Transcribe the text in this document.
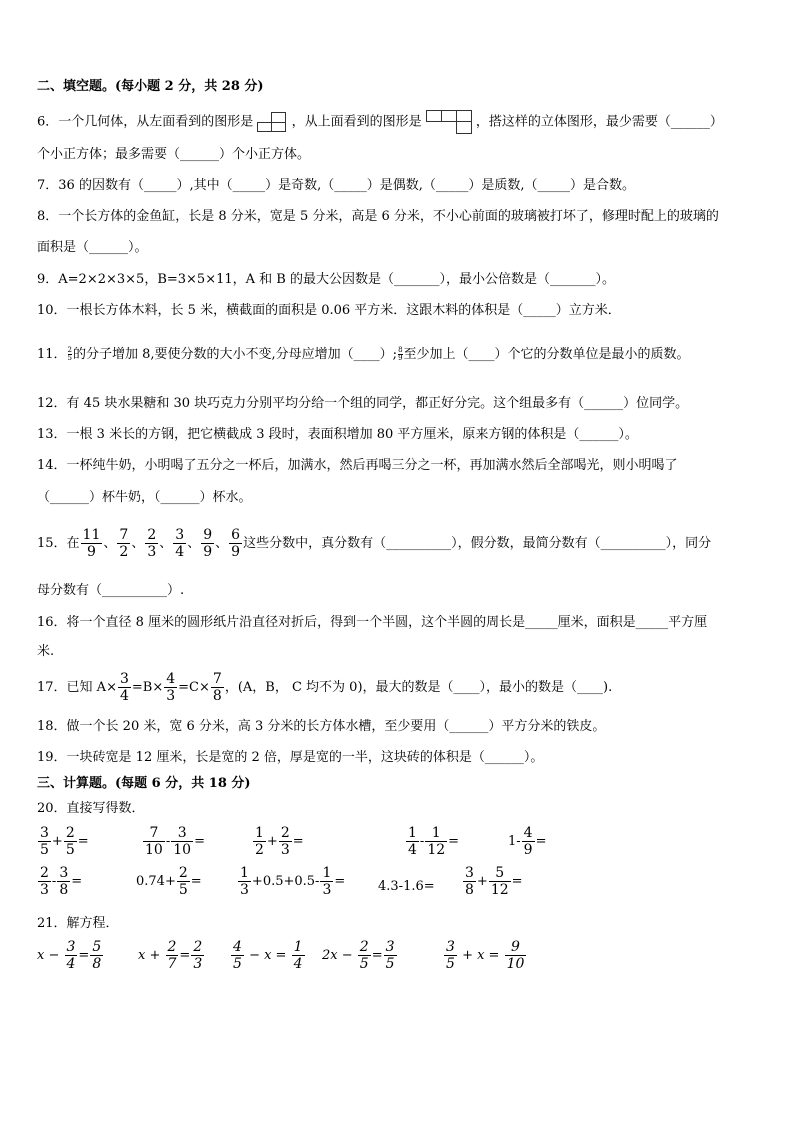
二、填空题。(每小题 2 分，共 28 分)
6．一个几何体，从左面看到的图形是	，从上面看到的图形是	，搭这样的立体图形，最少需要（______）
个小正方体；最多需要（______）个小正方体。
7．36 的因数有（_____）,其中（_____）是奇数,（_____）是偶数,（_____）是质数,（_____）是合数。
8．一个长方体的金鱼缸，长是 8 分米，宽是 5 分米，高是 6 分米，不小心前面的玻璃被打坏了，修理时配上的玻璃的
面积是（______）。
9．A=2×2×3×5，B=3×5×11，A 和 B 的最大公因数是（_______），最小公倍数是（_______）。
10．一根长方体木料，长 5 米，横截面的面积是 0.06 平方米．这跟木料的体积是（_____）立方米．
11． $\frac{2}{5}$ 的分子增加 8,要使分数的大小不变,分母应增加（____）; $\frac{8}{9}$ 至少加上（____）个它的分数单位是最小的质数。
12．有 45 块水果糖和 30 块巧克力分别平均分给一个组的同学，都正好分完。这个组最多有（______）位同学。
13．一根 3 米长的方钢，把它横截成 3 段时，表面积增加 80 平方厘米，原来方钢的体积是（______）。
14．一杯纯牛奶，小明喝了五分之一杯后，加满水，然后再喝三分之一杯，再加满水然后全部喝光，则小明喝了
（______）杯牛奶，（______）杯水。
15．在 $\frac{11}{9}$ 、 $\frac{7}{2}$ 、 $\frac{2}{3}$ 、 $\frac{3}{4}$ 、 $\frac{9}{9}$ 、 $\frac{6}{9}$ 这些分数中，真分数有（__________），假分数，最简分数有（__________），同分
母分数有（__________）.
16．将一个直径 8 厘米的圆形纸片沿直径对折后，得到一个半圆，这个半圆的周长是_____厘米，面积是_____平方厘
米.
17．已知 $A\times \frac{3}{4} =B\times \frac{4}{3} =C\times \frac{7}{8}$ ，(A，B， C 均不为 0)，最大的数是（____），最小的数是（____).
18．做一个长 20 米，宽 6 分米，高 3 分米的长方体水槽，至少要用（______）平方分米的铁皮。
19．一块砖宽是 12 厘米，长是宽的 2 倍，厚是宽的一半，这块砖的体积是（______）。
三、计算题。(每题 6 分，共 18 分)
20．直接写得数．
$\frac{3}{5} + \frac{2}{5}$ =	$\frac{7}{10} - \frac{3}{10}$ =	$\frac{1}{2} + \frac{2}{3}$ =	$\frac{1}{4} - \frac{1}{12}$ =	$1- \frac{4}{9}$ =
$\frac{2}{3} - \frac{3}{8}$ =	$0.74+ \frac{2}{5}$ =	$\frac{1}{3} +0.5+0.5- \frac{1}{3}$ =	$4.3-1.6= \frac{3}{8} + \frac{5}{12}$ =
21．解方程．
$x - \frac{3}{4} = \frac{5}{8}$	$x + \frac{2}{7} = \frac{2}{3} \frac{4}{5} - x = \frac{1}{4} 2x - \frac{2}{5} = \frac{3}{5}$	$\frac{3}{5} + x = \frac{9}{10}$
